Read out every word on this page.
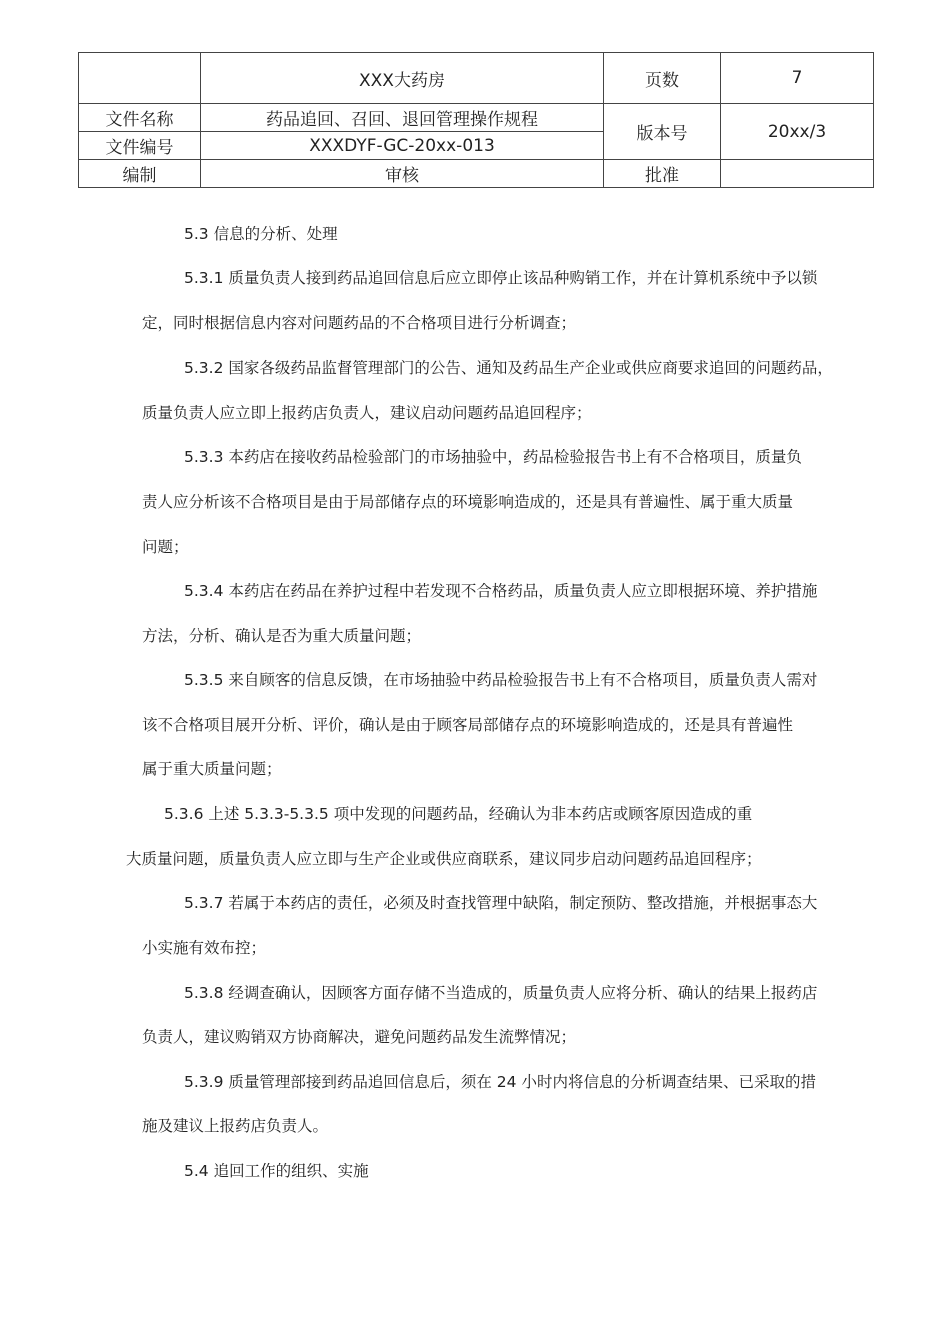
	XXX大药房	页数	7
文件名称	药品追回、召回、退回管理操作规程	版本号	20xx/3
文件编号	XXXDYF-GC-20xx-013		
编制	审核	批准	

5.3 信息的分析、处理

5.3.1 质量负责人接到药品追回信息后应立即停止该品种购销工作，并在计算机系统中予以锁

定，同时根据信息内容对问题药品的不合格项目进行分析调查；

5.3.2 国家各级药品监督管理部门的公告、通知及药品生产企业或供应商要求追回的问题药品，

质量负责人应立即上报药店负责人，建议启动问题药品追回程序；

5.3.3 本药店在接收药品检验部门的市场抽验中，药品检验报告书上有不合格项目，质量负

责人应分析该不合格项目是由于局部储存点的环境影响造成的，还是具有普遍性、属于重大质量

问题；

5.3.4 本药店在药品在养护过程中若发现不合格药品，质量负责人应立即根据环境、养护措施

方法，分析、确认是否为重大质量问题；

5.3.5 来自顾客的信息反馈，在市场抽验中药品检验报告书上有不合格项目，质量负责人需对

该不合格项目展开分析、评价，确认是由于顾客局部储存点的环境影响造成的，还是具有普遍性

属于重大质量问题；

5.3.6 上述 5.3.3-5.3.5 项中发现的问题药品，经确认为非本药店或顾客原因造成的重

大质量问题，质量负责人应立即与生产企业或供应商联系，建议同步启动问题药品追回程序；

5.3.7 若属于本药店的责任，必须及时查找管理中缺陷，制定预防、整改措施，并根据事态大

小实施有效布控；

5.3.8 经调查确认，因顾客方面存储不当造成的，质量负责人应将分析、确认的结果上报药店

负责人，建议购销双方协商解决，避免问题药品发生流弊情况；

5.3.9 质量管理部接到药品追回信息后，须在 24 小时内将信息的分析调查结果、已采取的措

施及建议上报药店负责人。

5.4 追回工作的组织、实施
